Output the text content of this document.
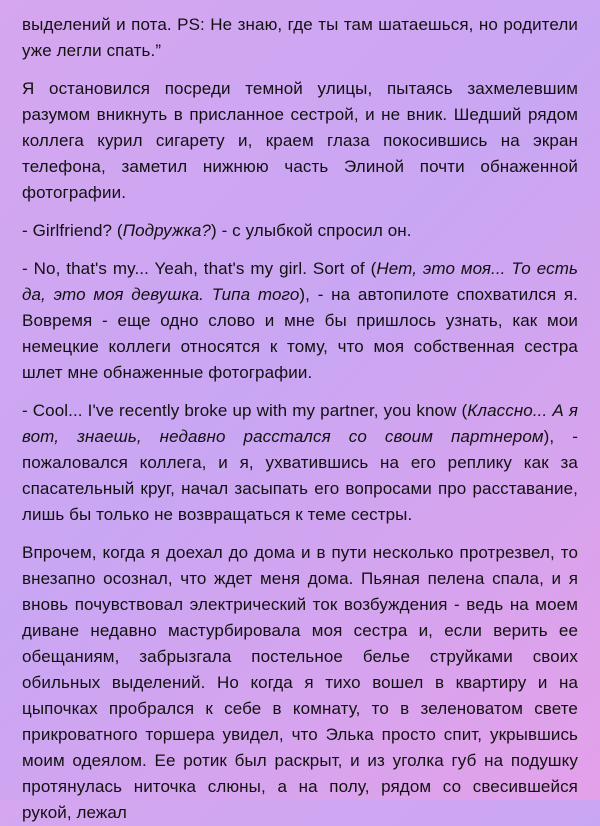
выделений и пота. PS: Не знаю, где ты там шатаешься, но родители уже легли спать.”

Я остановился посреди темной улицы, пытаясь захмелевшим разумом вникнуть в присланное сестрой, и не вник. Шедший рядом коллега курил сигарету и, краем глаза покосившись на экран телефона, заметил нижнюю часть Элиной почти обнаженной фотографии.

- Girlfriend? (Подружка?) - с улыбкой спросил он.

- No, that's my... Yeah, that's my girl. Sort of (Нет, это моя... То есть да, это моя девушка. Типа того), - на автопилоте спохватился я. Вовремя - еще одно слово и мне бы пришлось узнать, как мои немецкие коллеги относятся к тому, что моя собственная сестра шлет мне обнаженные фотографии.

- Cool... I've recently broke up with my partner, you know (Классно... А я вот, знаешь, недавно расстался со своим партнером), - пожаловался коллега, и я, ухватившись на его реплику как за спасательный круг, начал засыпать его вопросами про расставание, лишь бы только не возвращаться к теме сестры.

Впрочем, когда я доехал до дома и в пути несколько протрезвел, то внезапно осознал, что ждет меня дома. Пьяная пелена спала, и я вновь почувствовал электрический ток возбуждения - ведь на моем диване недавно мастурбировала моя сестра и, если верить ее обещаниям, забрызгала постельное белье струйками своих обильных выделений. Но когда я тихо вошел в квартиру и на цыпочках пробрался к себе в комнату, то в зеленоватом свете прикроватного торшера увидел, что Элька просто спит, укрывшись моим одеялом. Ее ротик был раскрыт, и из уголка губ на подушку протянулась ниточка слюны, а на полу, рядом со свесившейся рукой, лежал
